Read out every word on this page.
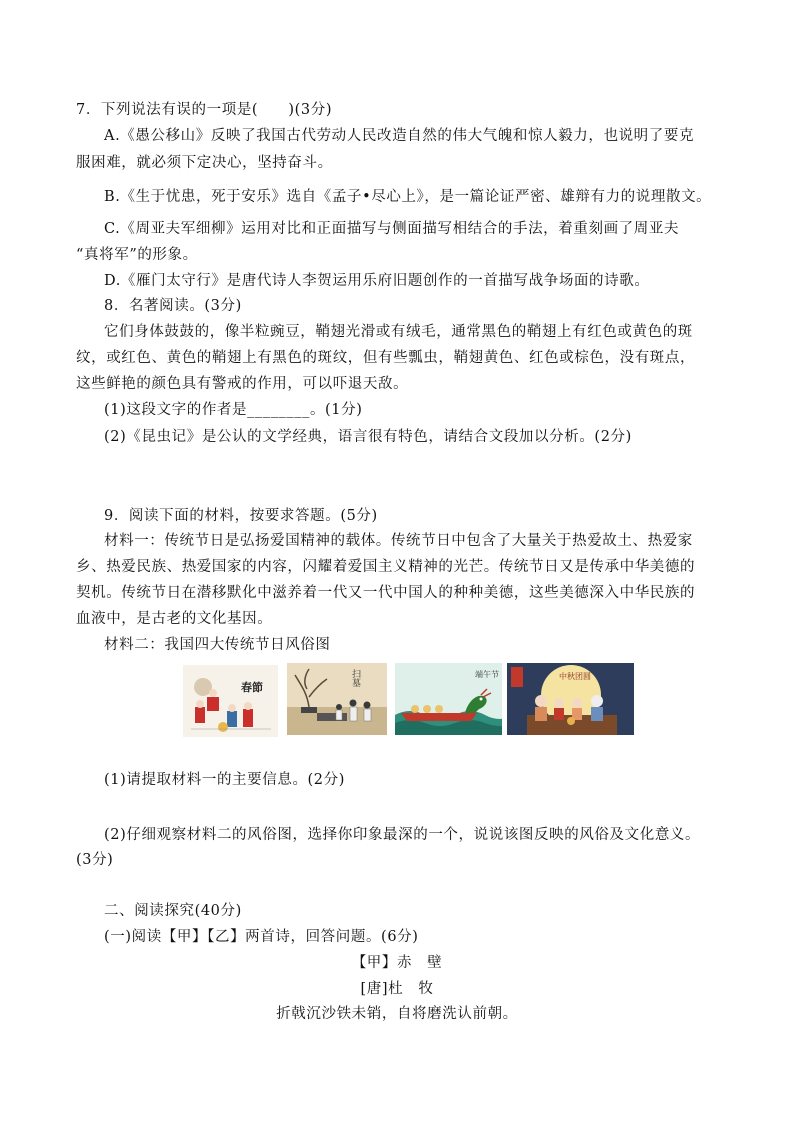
7．下列说法有误的一项是(　　)(3分)
A.《愚公移山》反映了我国古代劳动人民改造自然的伟大气魄和惊人毅力，也说明了要克
服困难，就必须下定决心，坚持奋斗。
B.《生于忧患，死于安乐》选自《孟子•尽心上》，是一篇论证严密、雄辩有力的说理散文。
C.《周亚夫军细柳》运用对比和正面描写与侧面描写相结合的手法，着重刻画了周亚夫
“真将军”的形象。
D.《雁门太守行》是唐代诗人李贺运用乐府旧题创作的一首描写战争场面的诗歌。
8．名著阅读。(3分)
它们身体鼓鼓的，像半粒豌豆，鞘翅光滑或有绒毛，通常黑色的鞘翅上有红色或黄色的斑
纹，或红色、黄色的鞘翅上有黑色的斑纹，但有些瓢虫，鞘翅黄色、红色或棕色，没有斑点，
这些鲜艳的颜色具有警戒的作用，可以吓退天敌。
(1)这段文字的作者是________。(1分)
(2)《昆虫记》是公认的文学经典，语言很有特色，请结合文段加以分析。(2分)
9．阅读下面的材料，按要求答题。(5分)
材料一：传统节日是弘扬爱国精神的载体。传统节日中包含了大量关于热爱故土、热爱家
乡、热爱民族、热爱国家的内容，闪耀着爱国主义精神的光芒。传统节日又是传承中华美德的
契机。传统节日在潜移默化中滋养着一代又一代中国人的种种美德，这些美德深入中华民族的
血液中，是古老的文化基因。
材料二：我国四大传统节日风俗图
春節
扫墓	端午节	中秋团圆
(1)请提取材料一的主要信息。(2分)
(2)仔细观察材料二的风俗图，选择你印象最深的一个，说说该图反映的风俗及文化意义。
(3分)
二、阅读探究(40分)
(一)阅读【甲】【乙】两首诗，回答问题。(6分)
【甲】赤　壁
[唐]杜　牧
折戟沉沙铁未销，自将磨洗认前朝。
